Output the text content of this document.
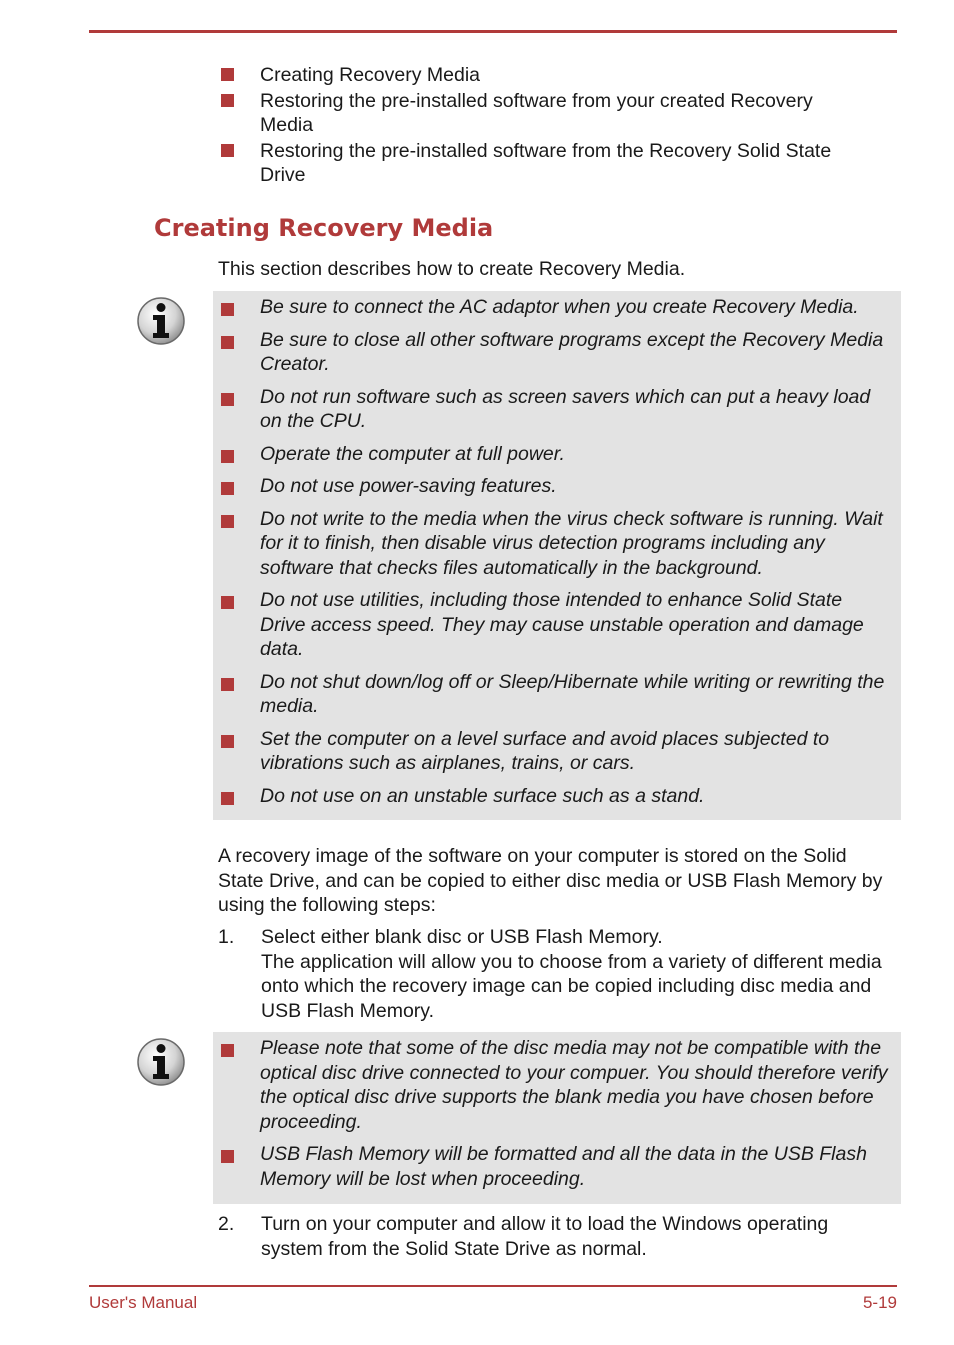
Creating Recovery Media
Restoring the pre-installed software from your created Recovery Media
Restoring the pre-installed software from the Recovery Solid State Drive
Creating Recovery Media

This section describes how to create Recovery Media.

Be sure to connect the AC adaptor when you create Recovery Media.
Be sure to close all other software programs except the Recovery Media Creator.
Do not run software such as screen savers which can put a heavy load on the CPU.
Operate the computer at full power.
Do not use power-saving features.
Do not write to the media when the virus check software is running. Wait for it to finish, then disable virus detection programs including any software that checks files automatically in the background.
Do not use utilities, including those intended to enhance Solid State Drive access speed. They may cause unstable operation and damage data.
Do not shut down/log off or Sleep/Hibernate while writing or rewriting the media.
Set the computer on a level surface and avoid places subjected to vibrations such as airplanes, trains, or cars.
Do not use on an unstable surface such as a stand.

A recovery image of the software on your computer is stored on the Solid State Drive, and can be copied to either disc media or USB Flash Memory by using the following steps:

1. Select either blank disc or USB Flash Memory.
The application will allow you to choose from a variety of different media onto which the recovery image can be copied including disc media and USB Flash Memory.
Please note that some of the disc media may not be compatible with the optical disc drive connected to your compuer. You should therefore verify the optical disc drive supports the blank media you have chosen before proceeding.
USB Flash Memory will be formatted and all the data in the USB Flash Memory will be lost when proceeding.
2. Turn on your computer and allow it to load the Windows operating system from the Solid State Drive as normal.
User's Manual	5-19
